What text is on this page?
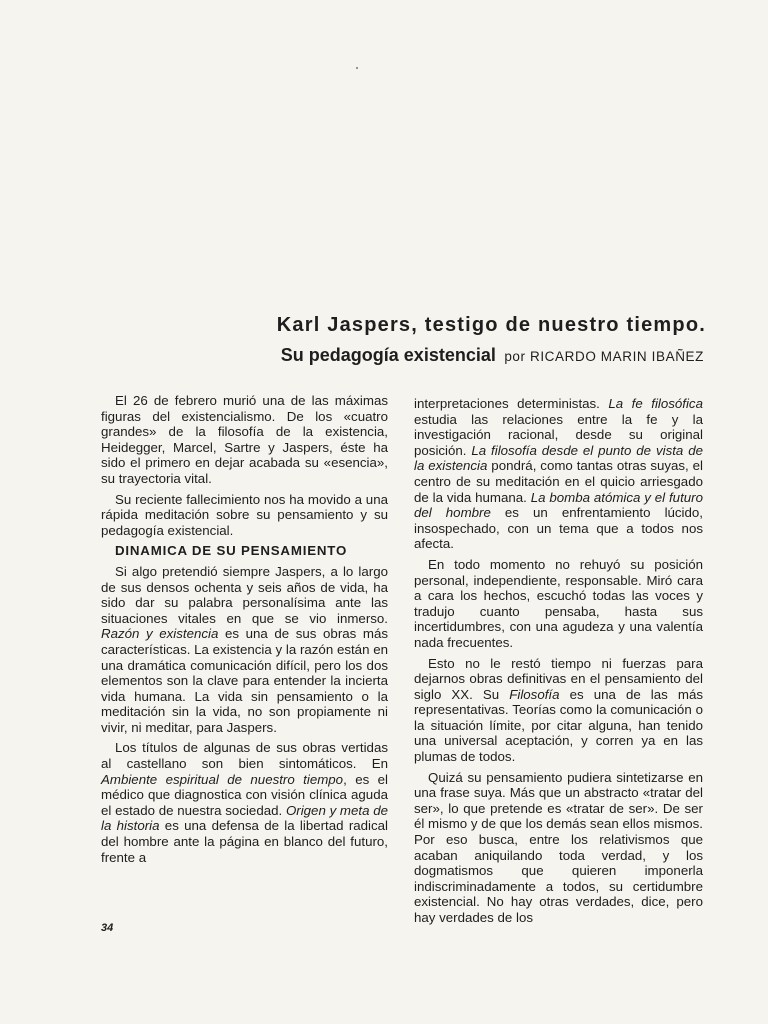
Karl Jaspers, testigo de nuestro tiempo.
Su pedagogía existencial por RICARDO MARIN IBAÑEZ

El 26 de febrero murió una de las máximas figuras del existencialismo. De los «cuatro grandes» de la filosofía de la existencia, Heidegger, Marcel, Sartre y Jaspers, éste ha sido el primero en dejar acabada su «esencia», su trayectoria vital.

Su reciente fallecimiento nos ha movido a una rápida meditación sobre su pensamiento y su pedagogía existencial.

DINAMICA DE SU PENSAMIENTO

Si algo pretendió siempre Jaspers, a lo largo de sus densos ochenta y seis años de vida, ha sido dar su palabra personalísima ante las situaciones vitales en que se vio inmerso. Razón y existencia es una de sus obras más características. La existencia y la razón están en una dramática comunicación difícil, pero los dos elementos son la clave para entender la incierta vida humana. La vida sin pensamiento o la meditación sin la vida, no son propiamente ni vivir, ni meditar, para Jaspers.

Los títulos de algunas de sus obras vertidas al castellano son bien sintomáticos. En Ambiente espiritual de nuestro tiempo, es el médico que diagnostica con visión clínica aguda el estado de nuestra sociedad. Origen y meta de la historia es una defensa de la libertad radical del hombre ante la página en blanco del futuro, frente a

interpretaciones deterministas. La fe filosófica estudia las relaciones entre la fe y la investigación racional, desde su original posición. La filosofía desde el punto de vista de la existencia pondrá, como tantas otras suyas, el centro de su meditación en el quicio arriesgado de la vida humana. La bomba atómica y el futuro del hombre es un enfrentamiento lúcido, insospechado, con un tema que a todos nos afecta.

En todo momento no rehuyó su posición personal, independiente, responsable. Miró cara a cara los hechos, escuchó todas las voces y tradujo cuanto pensaba, hasta sus incertidumbres, con una agudeza y una valentía nada frecuentes.

Esto no le restó tiempo ni fuerzas para dejarnos obras definitivas en el pensamiento del siglo XX. Su Filosofía es una de las más representativas. Teorías como la comunicación o la situación límite, por citar alguna, han tenido una universal aceptación, y corren ya en las plumas de todos.

Quizá su pensamiento pudiera sintetizarse en una frase suya. Más que un abstracto «tratar del ser», lo que pretende es «tratar de ser». De ser él mismo y de que los demás sean ellos mismos. Por eso busca, entre los relativismos que acaban aniquilando toda verdad, y los dogmatismos que quieren imponerla indiscriminadamente a todos, su certidumbre existencial. No hay otras verdades, dice, pero hay verdades de los

34
